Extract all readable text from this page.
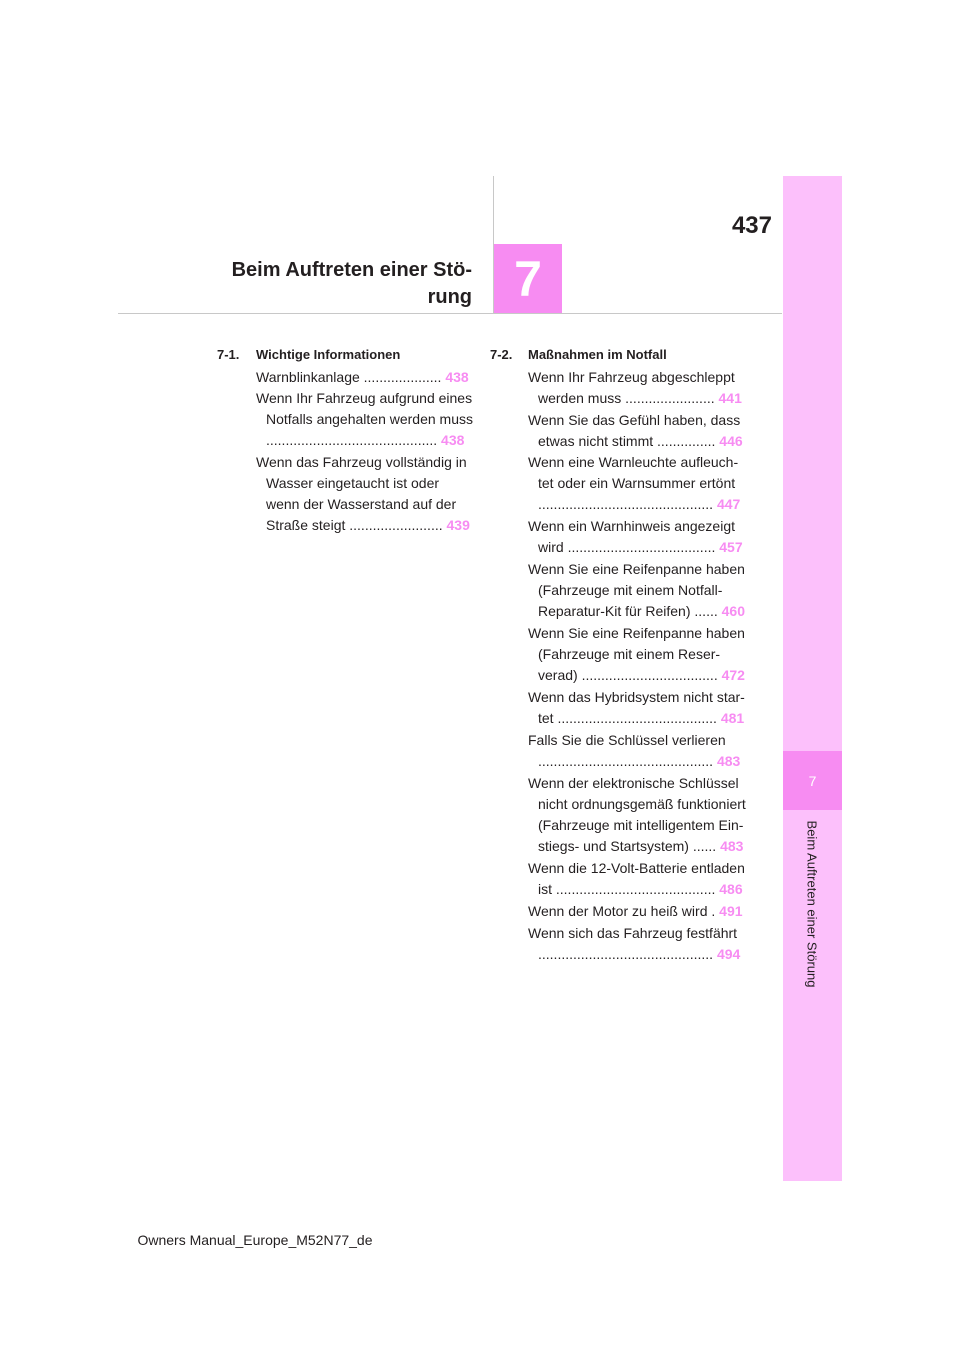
437
Beim Auftreten einer Stö-
rung 7
7
Beim Auftreten einer Störung
7-1. Wichtige Informationen
Warnblinkanlage .................... 438
Wenn Ihr Fahrzeug aufgrund eines
Notfalls angehalten werden muss
............................................ 438
Wenn das Fahrzeug vollständig in
Wasser eingetaucht ist oder
wenn der Wasserstand auf der
Straße steigt ........................ 439
7-2. Maßnahmen im Notfall
Wenn Ihr Fahrzeug abgeschleppt
werden muss ....................... 441
Wenn Sie das Gefühl haben, dass
etwas nicht stimmt ............... 446
Wenn eine Warnleuchte aufleuch-
tet oder ein Warnsummer ertönt
............................................. 447
Wenn ein Warnhinweis angezeigt
wird ...................................... 457
Wenn Sie eine Reifenpanne haben
(Fahrzeuge mit einem Notfall-
Reparatur-Kit für Reifen) ...... 460
Wenn Sie eine Reifenpanne haben
(Fahrzeuge mit einem Reser-
verad) ................................... 472
Wenn das Hybridsystem nicht star-
tet ......................................... 481
Falls Sie die Schlüssel verlieren
............................................. 483
Wenn der elektronische Schlüssel
nicht ordnungsgemäß funktioniert
(Fahrzeuge mit intelligentem Ein-
stiegs- und Startsystem) ...... 483
Wenn die 12-Volt-Batterie entladen
ist ......................................... 486
Wenn der Motor zu heiß wird . 491
Wenn sich das Fahrzeug festfährt
............................................. 494
Owners Manual_Europe_M52N77_de
